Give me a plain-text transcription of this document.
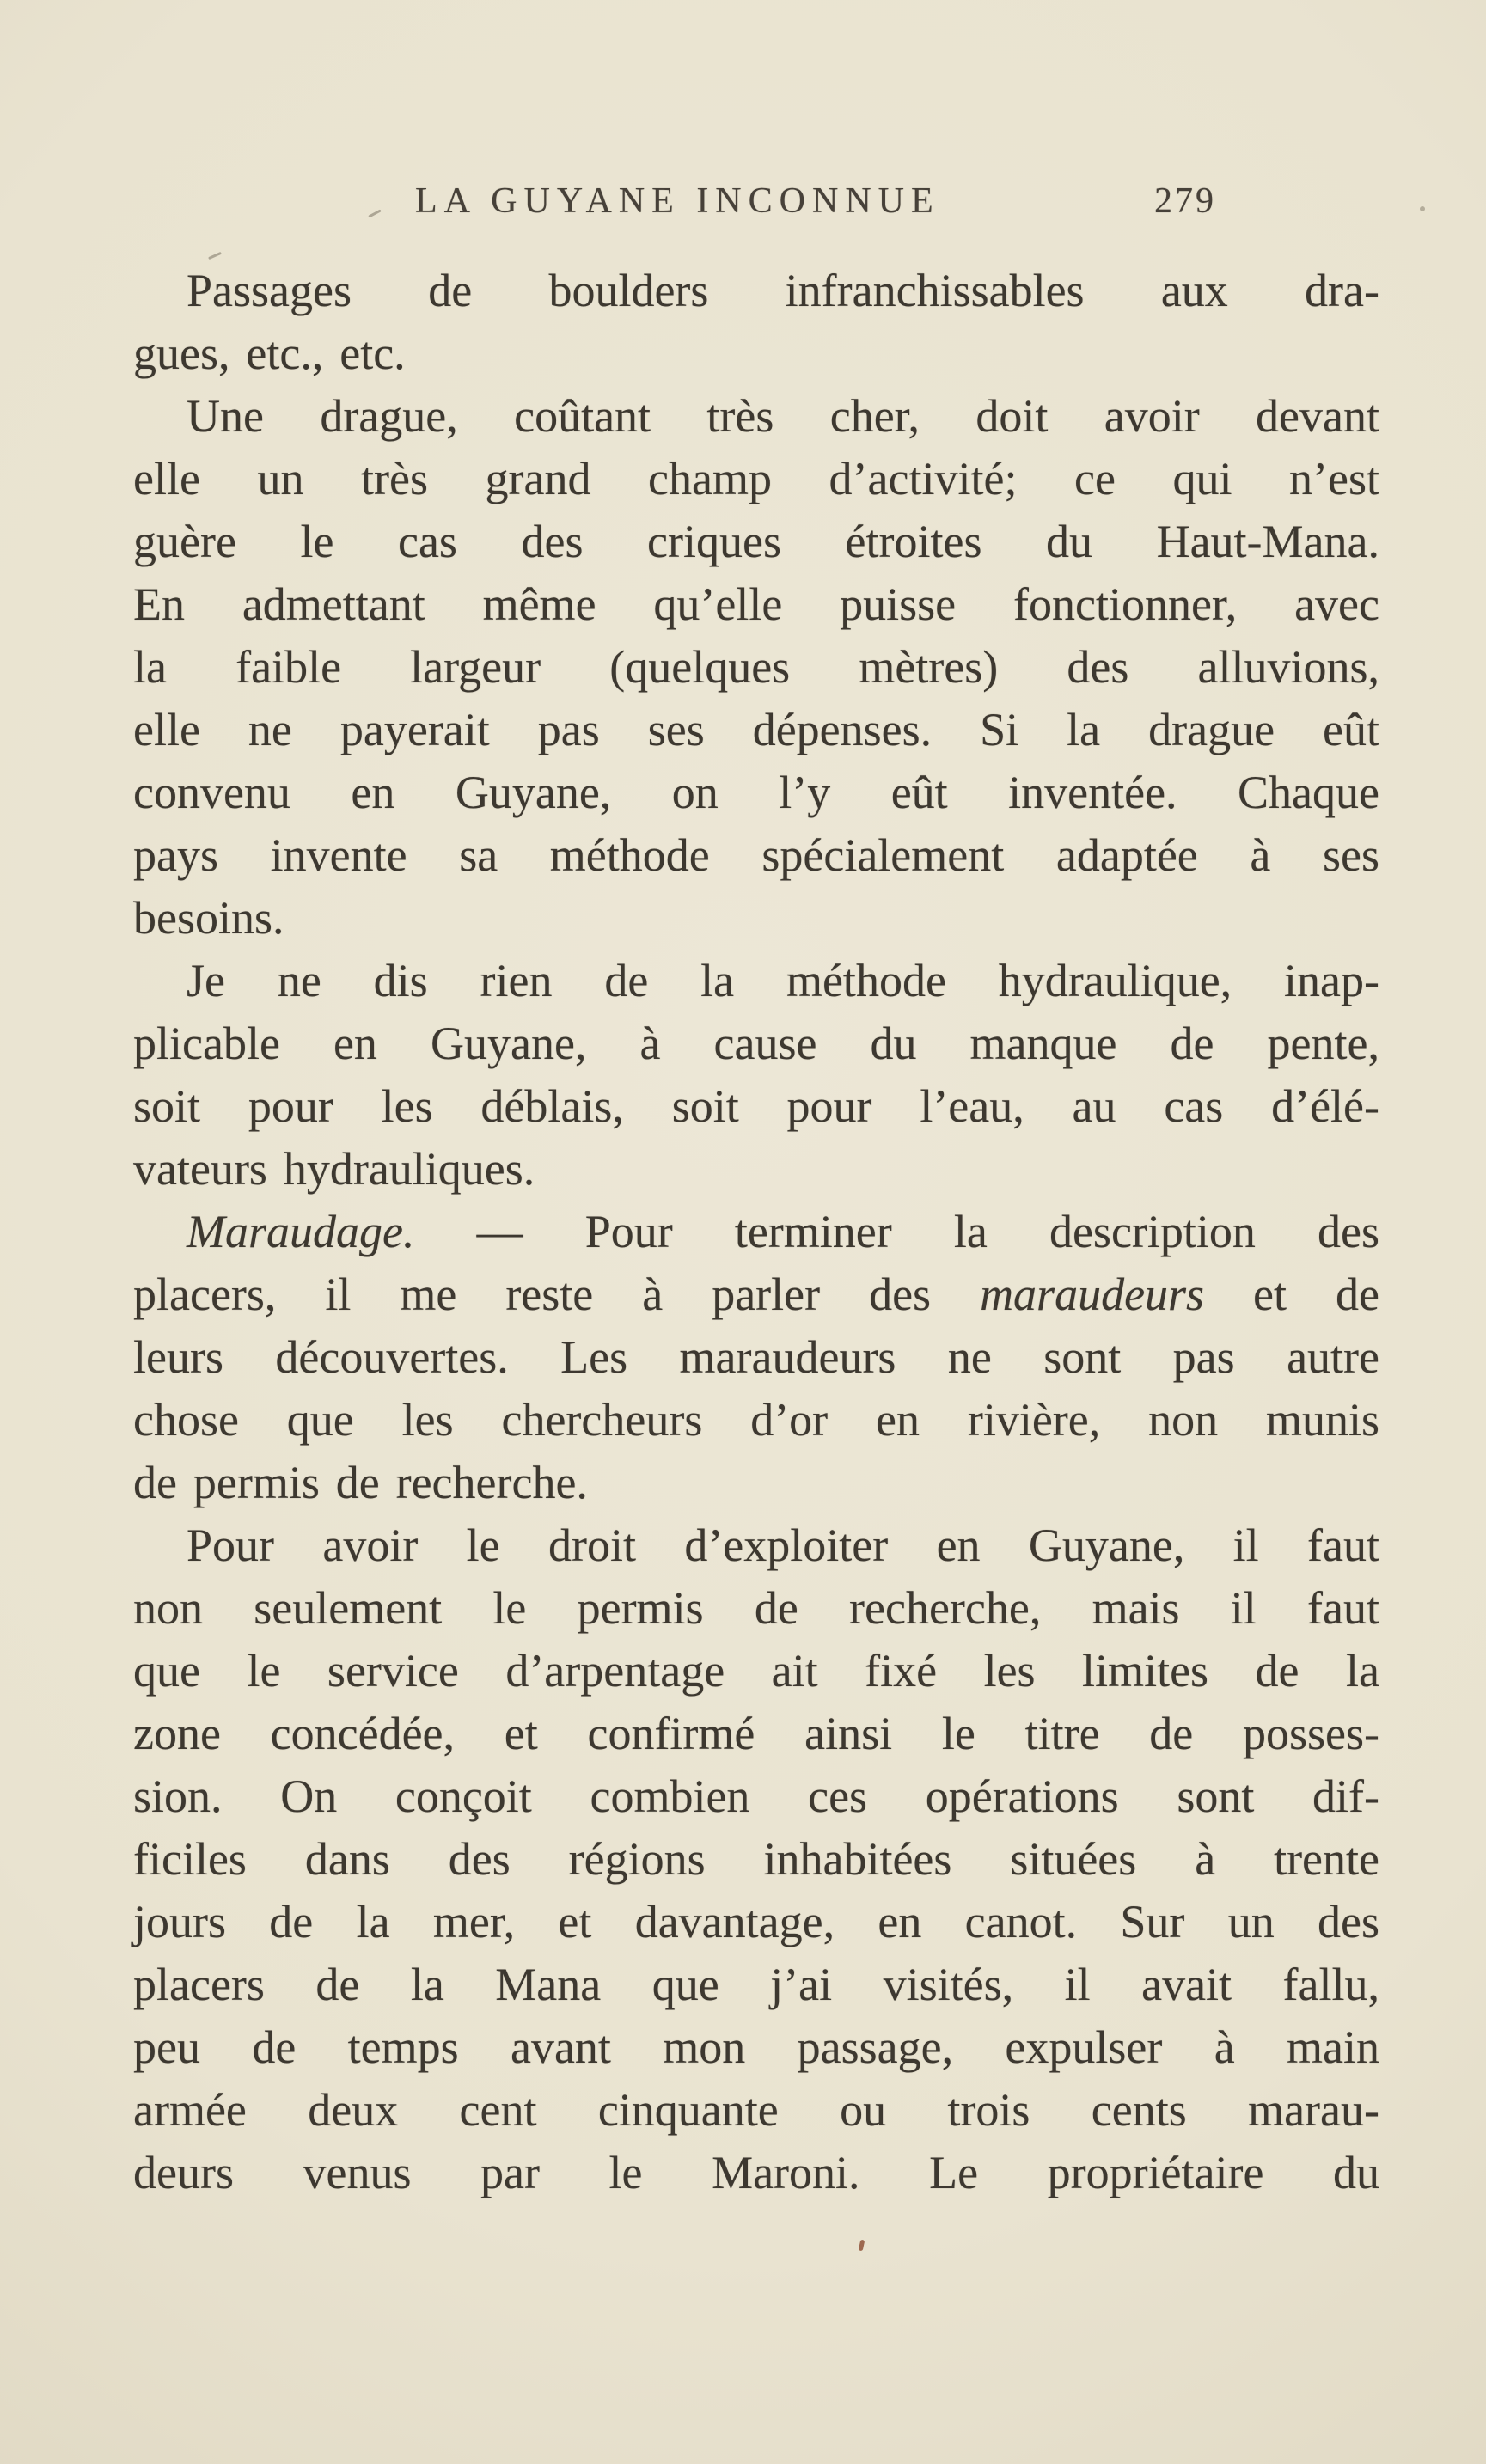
LA GUYANE INCONNUE	279
Passages de boulders infranchissables aux dra-
gues, etc., etc.
Une drague, coûtant très cher, doit avoir devant
elle un très grand champ d’activité; ce qui n’est
guère le cas des criques étroites du Haut-Mana.
En admettant même qu’elle puisse fonctionner, avec
la faible largeur (quelques mètres) des alluvions,
elle ne payerait pas ses dépenses. Si la drague eût
convenu en Guyane, on l’y eût inventée. Chaque
pays invente sa méthode spécialement adaptée à ses
besoins.
Je ne dis rien de la méthode hydraulique, inap-
plicable en Guyane, à cause du manque de pente,
soit pour les déblais, soit pour l’eau, au cas d’élé-
vateurs hydrauliques.
Maraudage. — Pour terminer la description des
placers, il me reste à parler des maraudeurs et de
leurs découvertes. Les maraudeurs ne sont pas autre
chose que les chercheurs d’or en rivière, non munis
de permis de recherche.
Pour avoir le droit d’exploiter en Guyane, il faut
non seulement le permis de recherche, mais il faut
que le service d’arpentage ait fixé les limites de la
zone concédée, et confirmé ainsi le titre de posses-
sion. On conçoit combien ces opérations sont dif-
ficiles dans des régions inhabitées situées à trente
jours de la mer, et davantage, en canot. Sur un des
placers de la Mana que j’ai visités, il avait fallu,
peu de temps avant mon passage, expulser à main
armée deux cent cinquante ou trois cents marau-
deurs venus par le Maroni. Le propriétaire du
